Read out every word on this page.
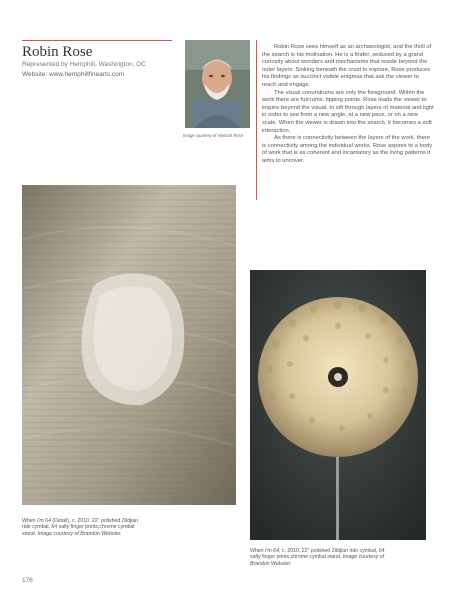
Robin Rose
Represented by Hemphill, Washington, DC
Website: www.hemphillfinearts.com
Image courtesy of Hannah Rose

Robin Rose sees himself as an archaeologist, and the thrill of the search is his motivation. He is a finder, seduced by a grand curiosity about wonders and mechanisms that reside beyond the outer layers. Sinking beneath the crust to explore, Rose produces his findings as succinct visible enigmas that ask the viewer to reach and engage.

The visual conundrums are only the foreground. Within the work there are fulcrums: tipping points. Rose leads the viewer to inquire beyond the visual, to sift through layers of material and light in order to see from a new angle, at a new pace, or on a new scale. When the viewer is drawn into the search, it becomes a soft interaction.

As there is connectivity between the layers of the work, there is connectivity among the individual works. Rose aspires to a body of work that is as coherent and incantatory as the living patterns it aims to uncover.

When I'm 64 (Detail), c. 2010. 22" polished Zildjian ride cymbal, 64 salty finger prints,chrome cymbal stand. Image courtesy of Brandon Webster.
When I'm 64, c. 2010. 22" polished Zildjian ride cymbal, 64 salty finger prints,chrome cymbal stand. Image courtesy of Brandon Webster.
176
